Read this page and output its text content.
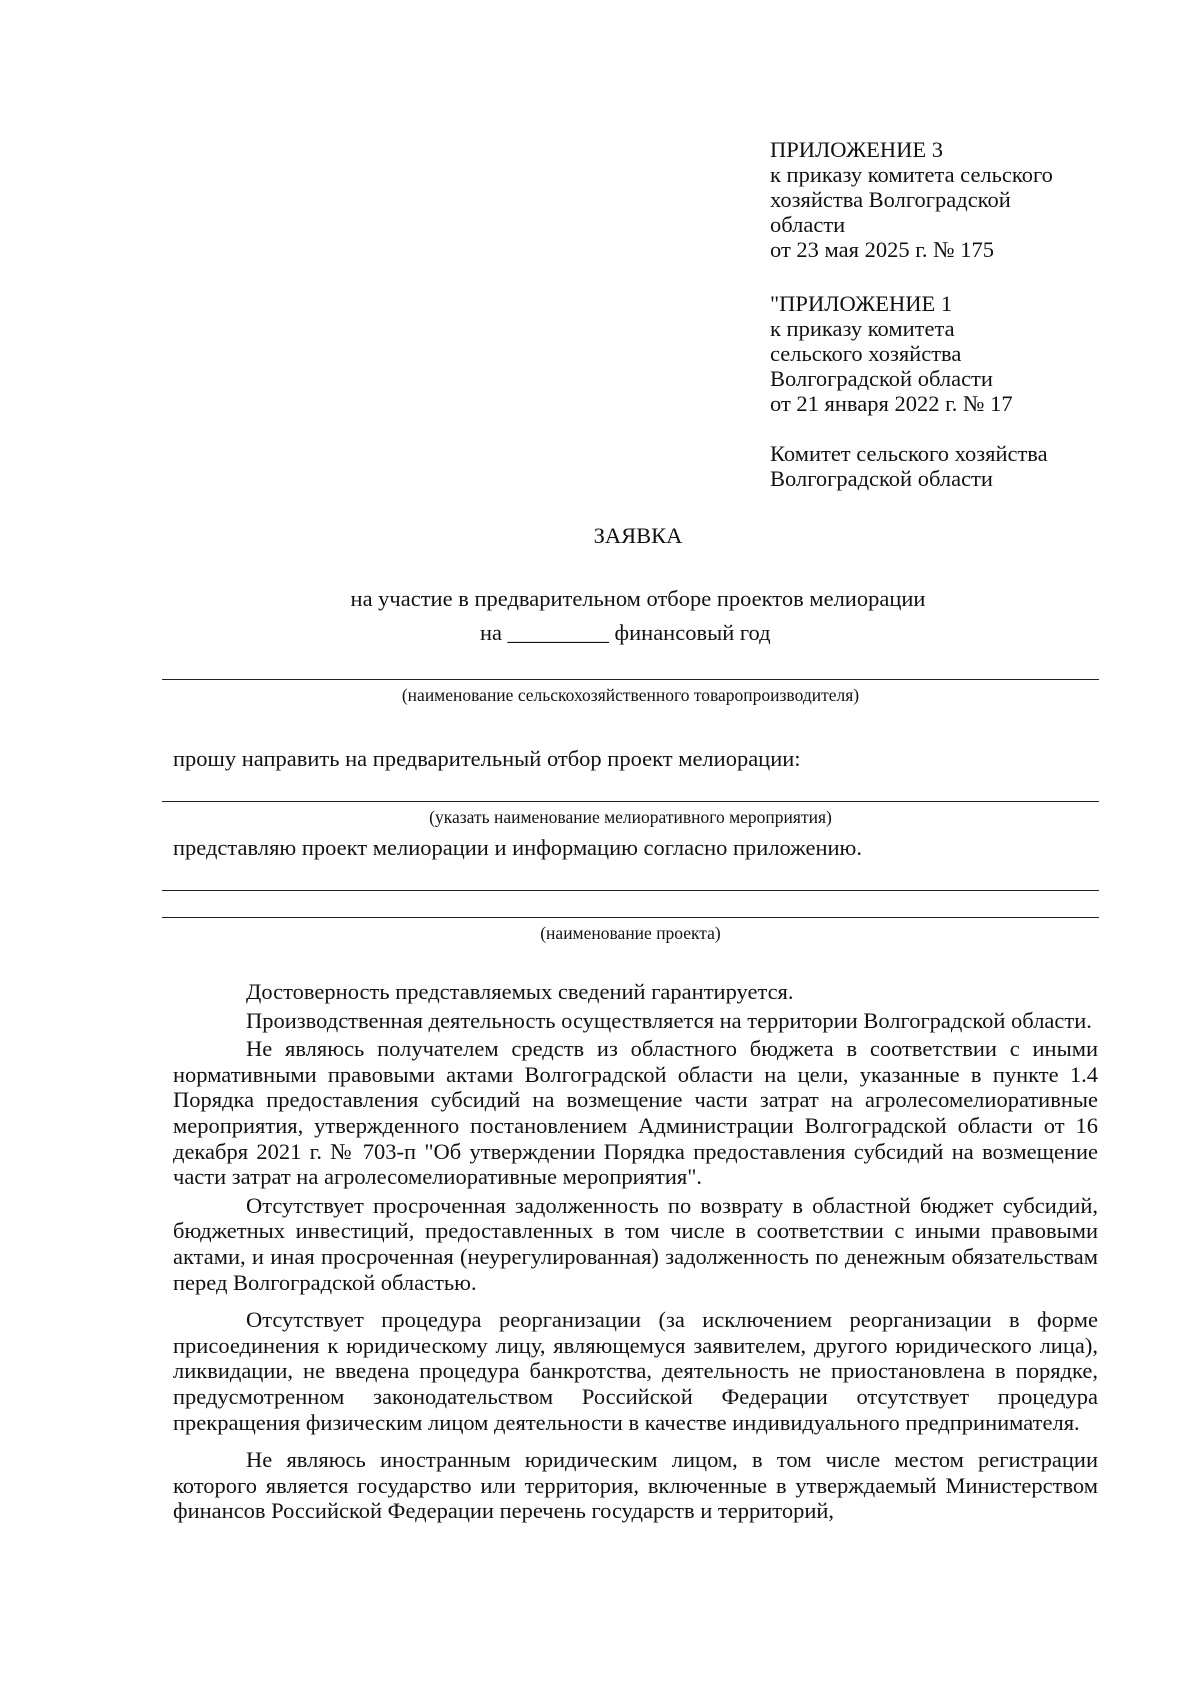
ПРИЛОЖЕНИЕ 3
к приказу комитета сельского
хозяйства Волгоградской
области
от 23 мая 2025 г. № 175
"ПРИЛОЖЕНИЕ 1
к приказу комитета
сельского хозяйства
Волгоградской области
от 21 января 2022 г. № 17
Комитет сельского хозяйства
Волгоградской области
ЗАЯВКА
на участие в предварительном отборе проектов мелиорации
на _________ финансовый год
(наименование сельскохозяйственного товаропроизводителя)
прошу направить на предварительный отбор проект мелиорации:
(указать наименование мелиоративного мероприятия)
представляю проект мелиорации и информацию согласно приложению.
(наименование проекта)

Достоверность представляемых сведений гарантируется.

Производственная деятельность осуществляется на территории Волгоградской области.

Не являюсь получателем средств из областного бюджета в соответствии с иными нормативными правовыми актами Волгоградской области на цели, указанные в пункте 1.4 Порядка предоставления субсидий на возмещение части затрат на агролесомелиоративные мероприятия, утвержденного постановлением Администрации Волгоградской области от 16 декабря 2021 г. № 703-п "Об утверждении Порядка предоставления субсидий на возмещение части затрат на агролесомелиоративные мероприятия".

Отсутствует просроченная задолженность по возврату в областной бюджет субсидий, бюджетных инвестиций, предоставленных в том числе в соответствии с иными правовыми актами, и иная просроченная (неурегулированная) задолженность по денежным обязательствам перед Волгоградской областью.

Отсутствует процедура реорганизации (за исключением реорганизации в форме присоединения к юридическому лицу, являющемуся заявителем, другого юридического лица), ликвидации, не введена процедура банкротства, деятельность не приостановлена в порядке, предусмотренном законодательством Российской Федерации отсутствует процедура прекращения физическим лицом деятельности в качестве индивидуального предпринимателя.

Не являюсь иностранным юридическим лицом, в том числе местом регистрации которого является государство или территория, включенные в утверждаемый Министерством финансов Российской Федерации перечень государств и территорий,
